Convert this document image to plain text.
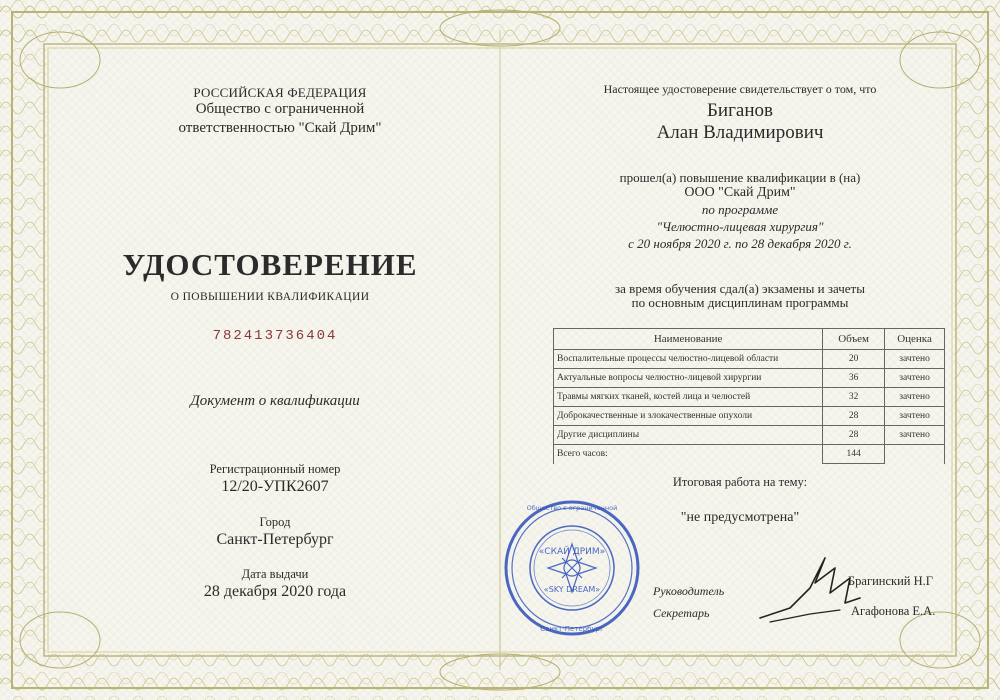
РОССИЙСКАЯ ФЕДЕРАЦИЯ
Общество с ограниченной
ответственностью "Скай Дрим"
УДОСТОВЕРЕНИЕ
О ПОВЫШЕНИИ КВАЛИФИКАЦИИ
782413736404
Документ о квалификации
Регистрационный номер
12/20-УПК2607
Город
Санкт-Петербург
Дата выдачи
28 декабря 2020 года
Настоящее удостоверение свидетельствует о том, что
Биганов
Алан Владимирович
прошел(а) повышение квалификации в (на)
ООО "Скай Дрим"
по программе
"Челюстно-лицевая хирургия"
с 20 ноября 2020 г. по 28 декабря 2020 г.
за время обучения сдал(а) экзамены и зачеты
по основным дисциплинам программы
Наименование	Объем	Оценка
Воспалительные процессы челюстно-лицевой области	20	зачтено
Актуальные вопросы челюстно-лицевой хирургии	36	зачтено
Травмы мягких тканей, костей лица и челюстей	32	зачтено
Доброкачественные и злокачественные опухоли	28	зачтено
Другие дисциплины	28	зачтено
Всего часов:	144	
Итоговая работа на тему:
"не предусмотрена"
«СКАЙ ДРИМ»
«SKY DREAM»
Общество с ограниченной
Санкт-Петербург
Руководитель
Секретарь
Брагинский Н.Г
Агафонова Е.А.
